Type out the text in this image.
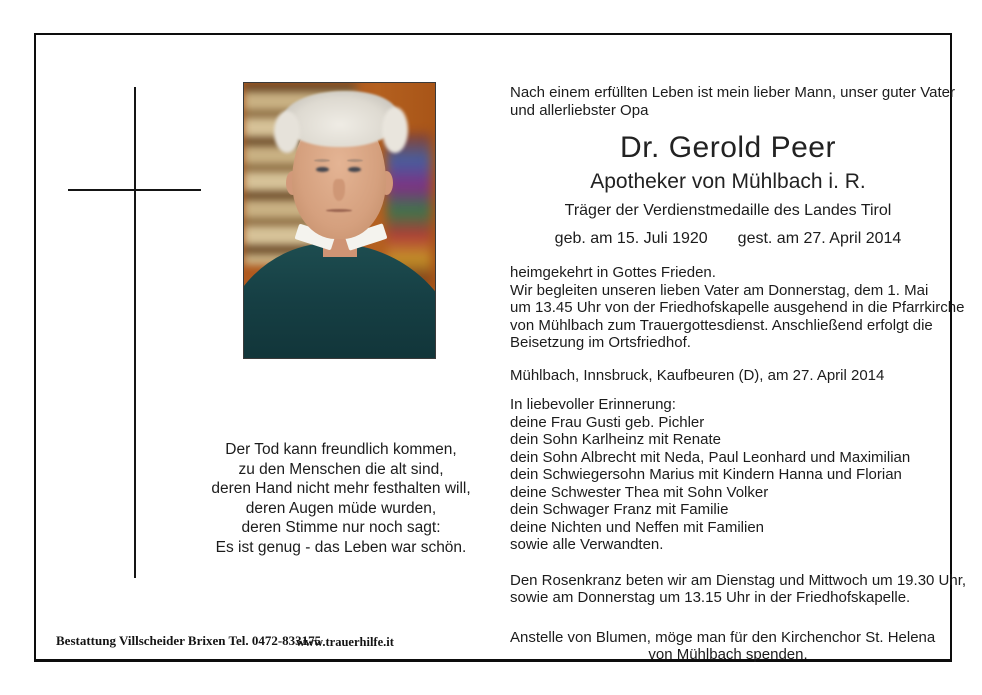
Nach einem erfüllten Leben ist mein lieber Mann, unser guter Vater
und allerliebster Opa
Dr. Gerold Peer
Apotheker von Mühlbach i. R.
Träger der Verdienstmedaille des Landes Tirol
geb. am 15. Juli 1920 gest. am 27. April 2014
heimgekehrt in Gottes Frieden.
Wir begleiten unseren lieben Vater am Donnerstag, dem 1. Mai
um 13.45 Uhr von der Friedhofskapelle ausgehend in die Pfarrkirche
von Mühlbach zum Trauergottesdienst. Anschließend erfolgt die
Beisetzung im Ortsfriedhof.
Mühlbach, Innsbruck, Kaufbeuren (D), am 27. April 2014
In liebevoller Erinnerung:
deine Frau Gusti geb. Pichler
dein Sohn Karlheinz mit Renate
dein Sohn Albrecht mit Neda, Paul Leonhard und Maximilian
dein Schwiegersohn Marius mit Kindern Hanna und Florian
deine Schwester Thea mit Sohn Volker
dein Schwager Franz mit Familie
deine Nichten und Neffen mit Familien
sowie alle Verwandten.
Den Rosenkranz beten wir am Dienstag und Mittwoch um 19.30 Uhr,
sowie am Donnerstag um 13.15 Uhr in der Friedhofskapelle.
Anstelle von Blumen, möge man für den Kirchenchor St. Helena
von Mühlbach spenden.
Der Tod kann freundlich kommen,
zu den Menschen die alt sind,
deren Hand nicht mehr festhalten will,
deren Augen müde wurden,
deren Stimme nur noch sagt:
Es ist genug - das Leben war schön.
Bestattung Villscheider Brixen Tel. 0472-833175
www.trauerhilfe.it
